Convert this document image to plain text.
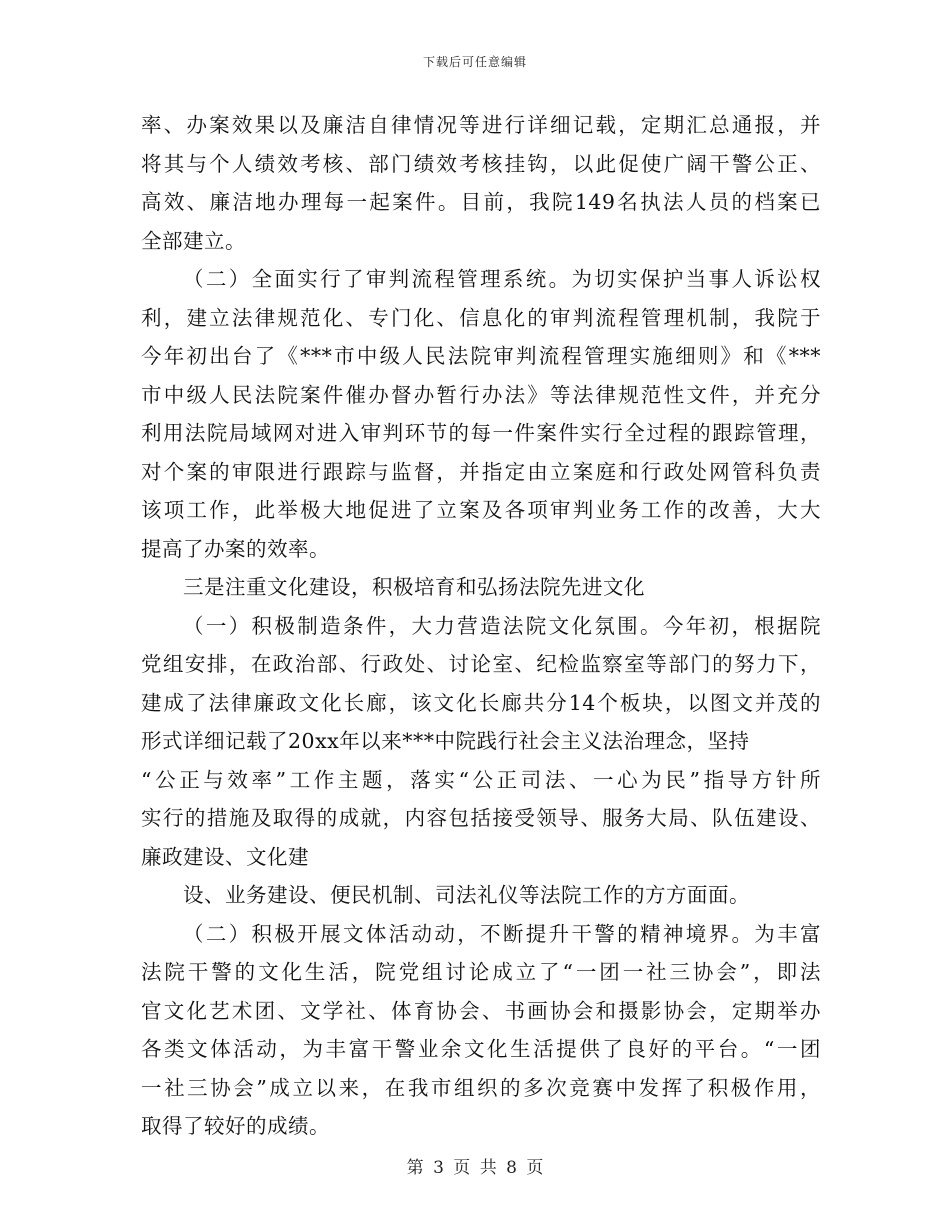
下载后可任意编辑
率、办案效果以及廉洁自律情况等进行详细记载，定期汇总通报，并
将其与个人绩效考核、部门绩效考核挂钩，以此促使广阔干警公正、
高效、廉洁地办理每一起案件。目前，我院149名执法人员的档案已
全部建立。
（二）全面实行了审判流程管理系统。为切实保护当事人诉讼权
利，建立法律规范化、专门化、信息化的审判流程管理机制，我院于
今年初出台了《***市中级人民法院审判流程管理实施细则》和《***
市中级人民法院案件催办督办暂行办法》等法律规范性文件，并充分
利用法院局域网对进入审判环节的每一件案件实行全过程的跟踪管理，
对个案的审限进行跟踪与监督，并指定由立案庭和行政处网管科负责
该项工作，此举极大地促进了立案及各项审判业务工作的改善，大大
提高了办案的效率。
三是注重文化建设，积极培育和弘扬法院先进文化
（一）积极制造条件，大力营造法院文化氛围。今年初，根据院
党组安排，在政治部、行政处、讨论室、纪检监察室等部门的努力下，
建成了法律廉政文化长廊，该文化长廊共分14个板块，以图文并茂的
形式详细记载了20xx年以来***中院践行社会主义法治理念，坚持
“公正与效率”工作主题，落实“公正司法、一心为民”指导方针所
实行的措施及取得的成就，内容包括接受领导、服务大局、队伍建设、
廉政建设、文化建
设、业务建设、便民机制、司法礼仪等法院工作的方方面面。
（二）积极开展文体活动动，不断提升干警的精神境界。为丰富
法院干警的文化生活，院党组讨论成立了“一团一社三协会”，即法
官文化艺术团、文学社、体育协会、书画协会和摄影协会，定期举办
各类文体活动，为丰富干警业余文化生活提供了良好的平台。“一团
一社三协会”成立以来，在我市组织的多次竞赛中发挥了积极作用，
取得了较好的成绩。
第 3 页 共 8 页
